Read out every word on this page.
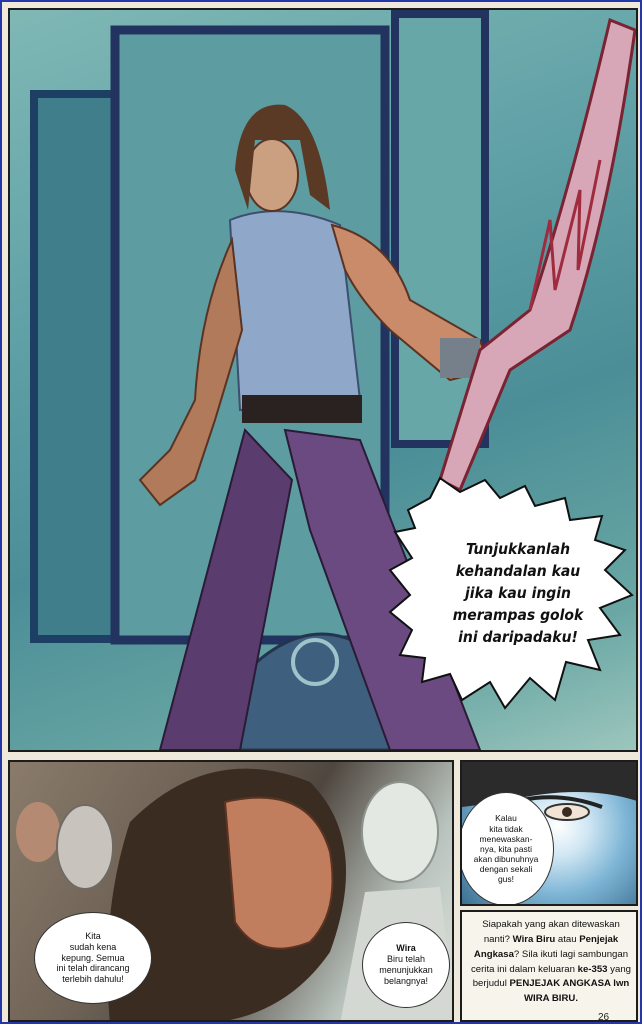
Tunjukkanlah
kehandalan kau
jika kau ingin
merampas golok
ini daripadaku!
Kita
sudah kena
kepung. Semua
ini telah dirancang
terlebih dahulu!
Wira
Biru telah
menunjukkan
belangnya!
Kalau
kita tidak
menewaskan-
nya, kita pasti
akan dibunuhnya
dengan sekali
gus!
Siapakah yang akan ditewaskan nanti? Wira Biru atau Penjejak Angkasa? Sila ikuti lagi sambungan cerita ini dalam keluaran ke-353 yang berjudul PENJEJAK ANGKASA lwn WIRA BIRU.
26
